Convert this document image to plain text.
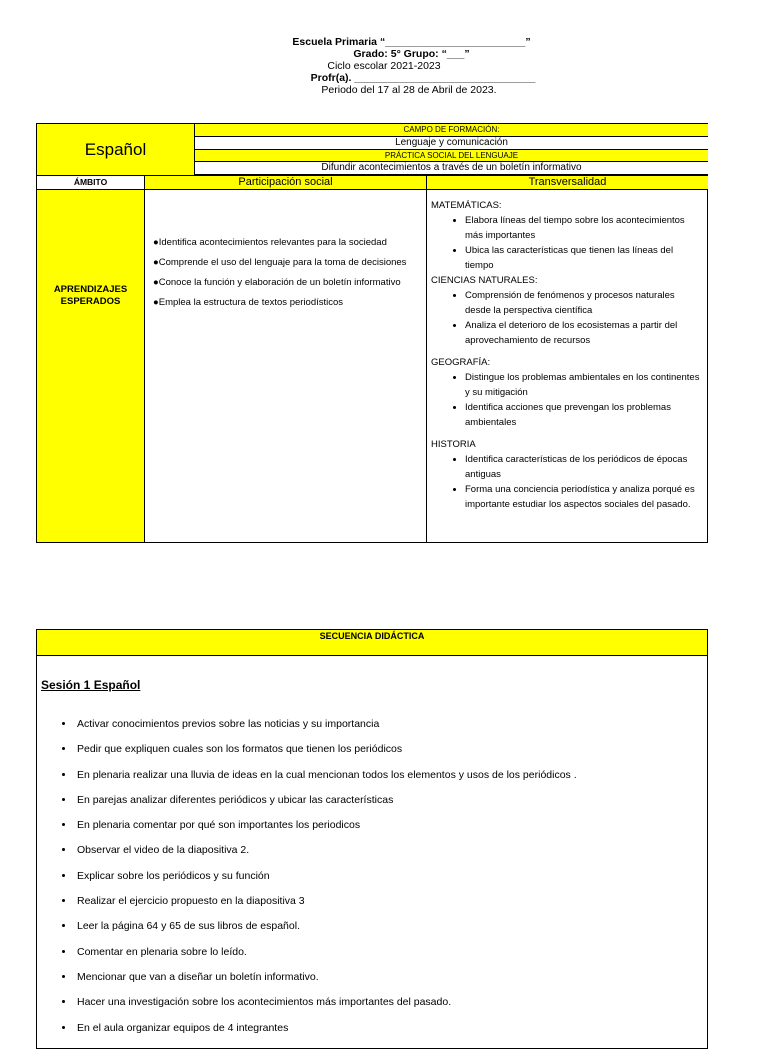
Escuela Primaria “________________________”
Grado: 5° Grupo: “___”
Ciclo escolar 2021-2023
Profr(a). _______________________________
Periodo del 17 al 28 de Abril de 2023.
Español
CAMPO DE FORMACIÓN:
Lenguaje y comunicación
PRÁCTICA SOCIAL DEL LENGUAJE
Difundir acontecimientos a través de un boletín informativo
ÁMBITO	Participación social	Transversalidad
APRENDIZAJES ESPERADOS

●Identifica acontecimientos relevantes para la sociedad

●Comprende el uso del lenguaje para la toma de decisiones

●Conoce la función y elaboración de un boletín informativo

●Emplea la estructura de textos periodísticos

MATEMÁTICAS:

• Elabora líneas del tiempo sobre los acontecimientos más importantes
• Ubica las características que tienen las líneas del tiempo

CIENCIAS NATURALES:

• Comprensión de fenómenos y procesos naturales desde la perspectiva científica
• Analiza el deterioro de los ecosistemas a partir del aprovechamiento de recursos

GEOGRAFÍA:

• Distingue los problemas ambientales en los continentes y su mitigación
• Identifica acciones que prevengan los problemas ambientales

HISTORIA

• Identifica características de los periódicos de épocas antiguas
• Forma una conciencia periodística y analiza porqué es importante estudiar los aspectos sociales del pasado.
SECUENCIA DIDÁCTICA
Sesión 1 Español
• Activar conocimientos previos sobre las noticias y su importancia
• Pedir que expliquen cuales son los formatos que tienen los periódicos
• En plenaria realizar una lluvia de ideas en la cual mencionan todos los elementos y usos de los periódicos .
• En parejas analizar diferentes periódicos y ubicar las características
• En plenaria comentar por qué son importantes los periodicos
• Observar el video de la diapositiva 2.
• Explicar sobre los periódicos y su función
• Realizar el ejercicio propuesto en la diapositiva 3
• Leer la página 64 y 65 de sus libros de español.
• Comentar en plenaria sobre lo leído.
• Mencionar que van a diseñar un boletín informativo.
• Hacer una investigación sobre los acontecimientos más importantes del pasado.
• En el aula organizar equipos de 4 integrantes
